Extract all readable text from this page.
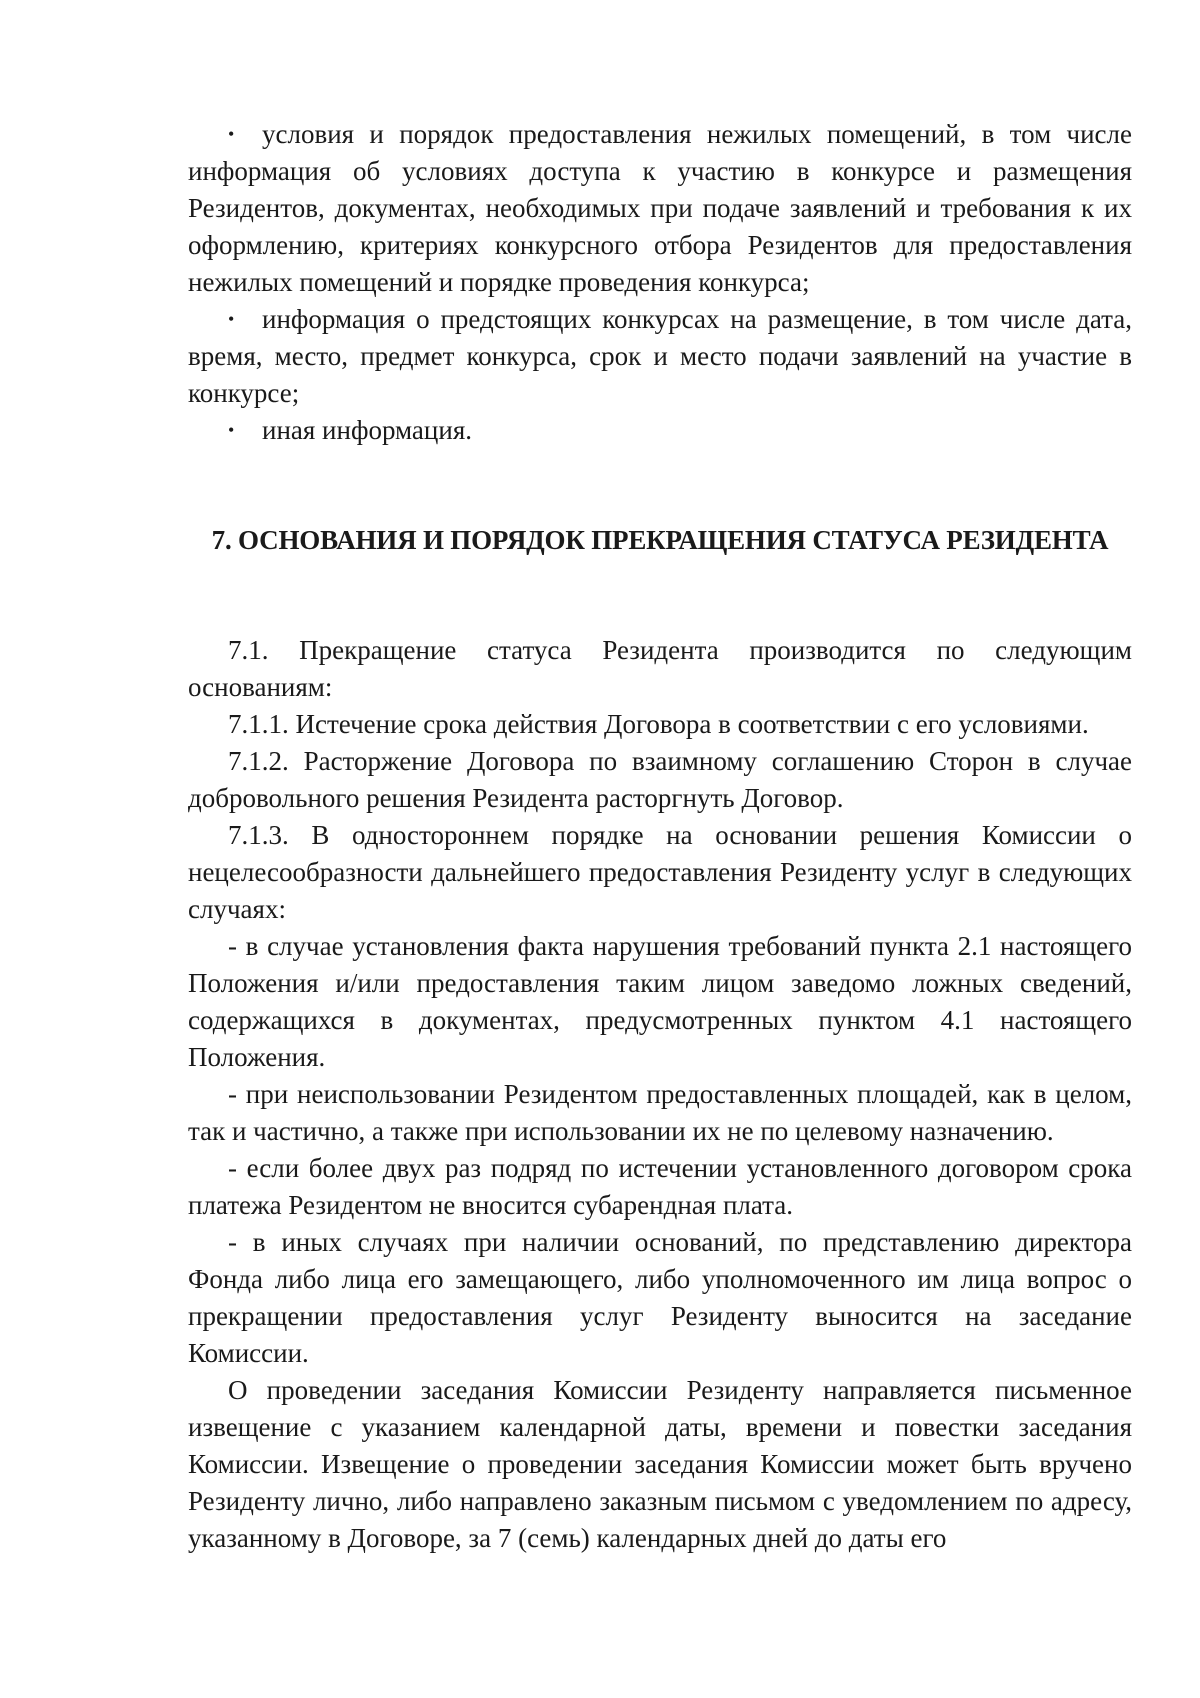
• условия и порядок предоставления нежилых помещений, в том числе информация об условиях доступа к участию в конкурсе и размещения Резидентов, документах, необходимых при подаче заявлений и требования к их оформлению, критериях конкурсного отбора Резидентов для предоставления нежилых помещений и порядке проведения конкурса;

• информация о предстоящих конкурсах на размещение, в том числе дата, время, место, предмет конкурса, срок и место подачи заявлений на участие в конкурсе;

• иная информация.

7. ОСНОВАНИЯ И ПОРЯДОК ПРЕКРАЩЕНИЯ СТАТУСА РЕЗИДЕНТА

7.1. Прекращение статуса Резидента производится по следующим основаниям:

7.1.1. Истечение срока действия Договора в соответствии с его условиями.

7.1.2. Расторжение Договора по взаимному соглашению Сторон в случае добровольного решения Резидента расторгнуть Договор.

7.1.3. В одностороннем порядке на основании решения Комиссии о нецелесообразности дальнейшего предоставления Резиденту услуг в следующих случаях:

- в случае установления факта нарушения требований пункта 2.1 настоящего Положения и/или предоставления таким лицом заведомо ложных сведений, содержащихся в документах, предусмотренных пунктом 4.1 настоящего Положения.

- при неиспользовании Резидентом предоставленных площадей, как в целом, так и частично, а также при использовании их не по целевому назначению.

- если более двух раз подряд по истечении установленного договором срока платежа Резидентом не вносится субарендная плата.

- в иных случаях при наличии оснований, по представлению директора Фонда либо лица его замещающего, либо уполномоченного им лица вопрос о прекращении предоставления услуг Резиденту выносится на заседание Комиссии.

О проведении заседания Комиссии Резиденту направляется письменное извещение с указанием календарной даты, времени и повестки заседания Комиссии. Извещение о проведении заседания Комиссии может быть вручено Резиденту лично, либо направлено заказным письмом с уведомлением по адресу, указанному в Договоре, за 7 (семь) календарных дней до даты его
